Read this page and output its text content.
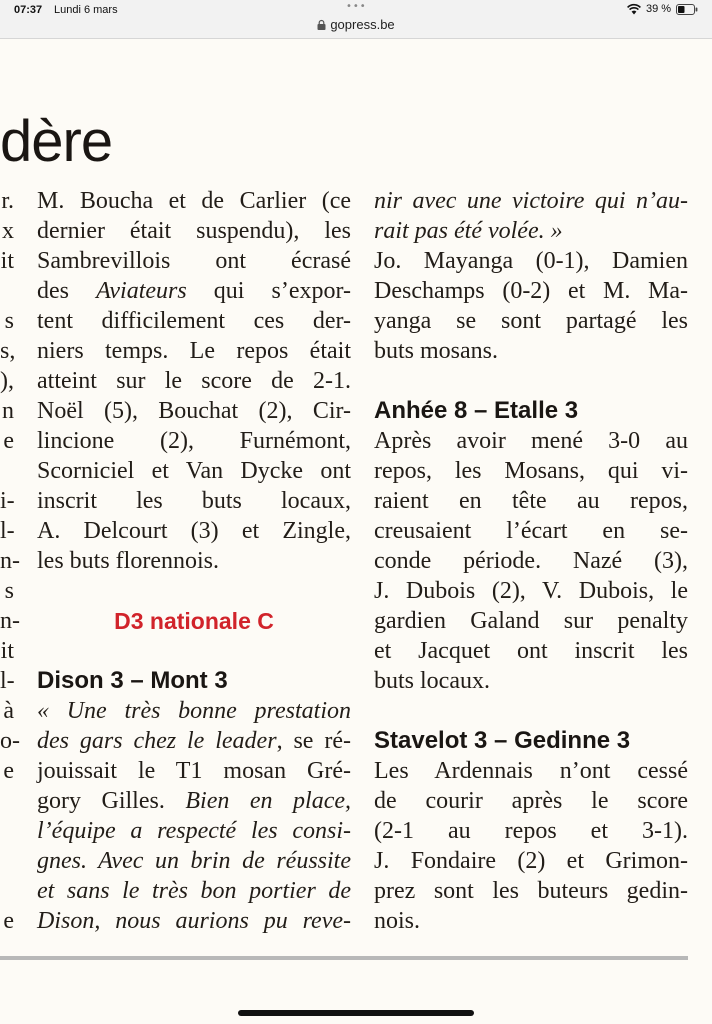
07:37 Lundi 6 mars	•••
gopress.be
39 %
dère
r.
x
it
s
s,
),
n
e
i-
l-
n-
s
n-
it
l-
à
o-
e
e
M. Boucha et de Carlier (ce
dernier était suspendu), les
Sambrevillois ont écrasé
des Aviateurs qui s’expor-
tent difficilement ces der-
niers temps. Le repos était
atteint sur le score de 2-1.
Noël (5), Bouchat (2), Cir-
lincione (2), Furnémont,
Scorniciel et Van Dycke ont
inscrit les buts locaux,
A. Delcourt (3) et Zingle,
les buts florennois.
D3 nationale C
Dison 3 – Mont 3
« Une très bonne prestation
des gars chez le leader, se ré-
jouissait le T1 mosan Gré-
gory Gilles. Bien en place,
l’équipe a respecté les consi-
gnes. Avec un brin de réussite
et sans le très bon portier de
Dison, nous aurions pu reve-
nir avec une victoire qui n’au-
rait pas été volée. »
Jo. Mayanga (0-1), Damien
Deschamps (0-2) et M. Ma-
yanga se sont partagé les
buts mosans.
Anhée 8 – Etalle 3
Après avoir mené 3-0 au
repos, les Mosans, qui vi-
raient en tête au repos,
creusaient l’écart en se-
conde période. Nazé (3),
J. Dubois (2), V. Dubois, le
gardien Galand sur penalty
et Jacquet ont inscrit les
buts locaux.
Stavelot 3 – Gedinne 3
Les Ardennais n’ont cessé
de courir après le score
(2-1 au repos et 3-1).
J. Fondaire (2) et Grimon-
prez sont les buteurs gedin-
nois.
